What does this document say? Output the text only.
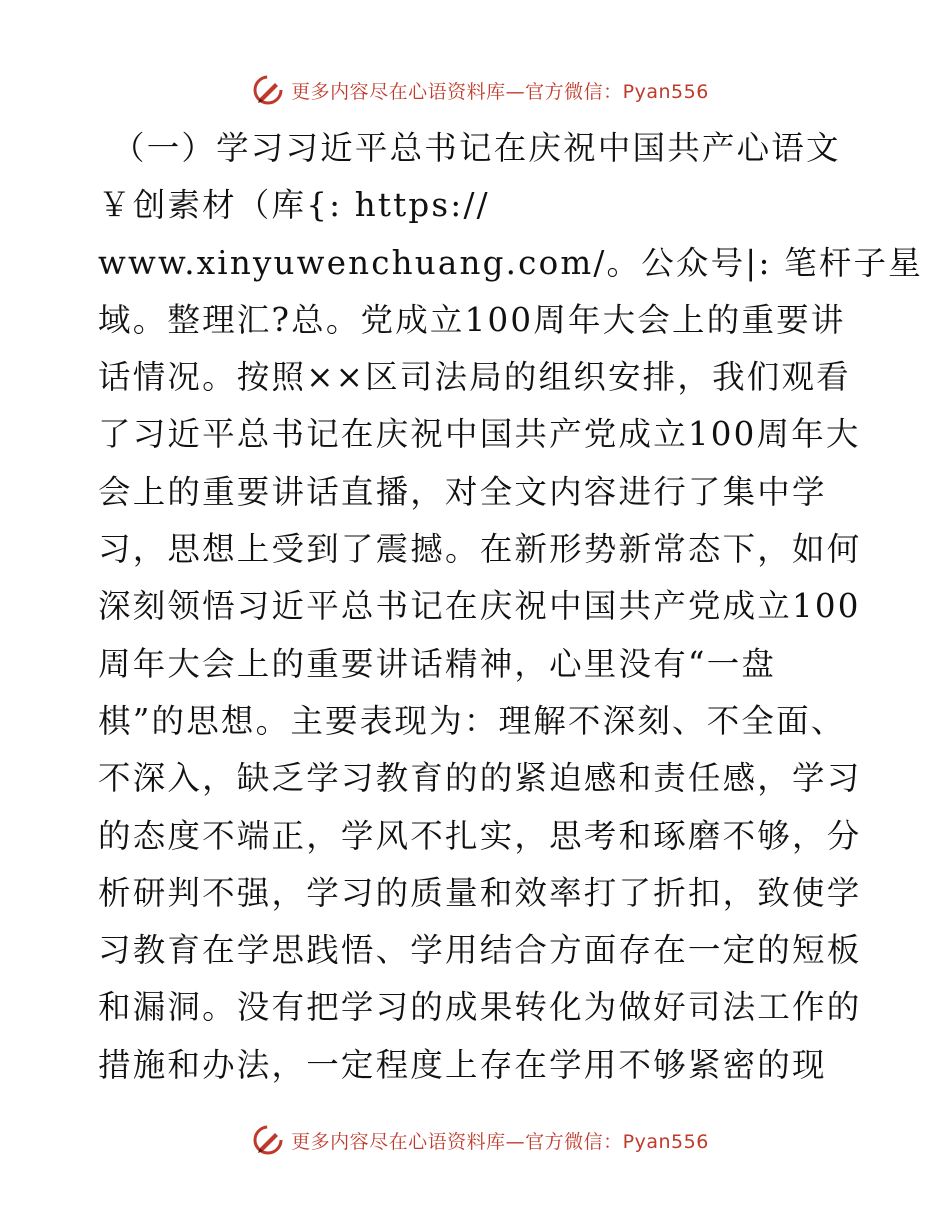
更多内容尽在心语资料库—官方微信：Pyan556
（一）学习习近平总书记在庆祝中国共产心语文
￥创素材（库{: https://
www.xinyuwenchuang.com/。公众号|: 笔杆子星
域。整理汇?总。党成立100周年大会上的重要讲
话情况。按照××区司法局的组织安排，我们观看
了习近平总书记在庆祝中国共产党成立100周年大
会上的重要讲话直播，对全文内容进行了集中学
习，思想上受到了震撼。在新形势新常态下，如何
深刻领悟习近平总书记在庆祝中国共产党成立100
周年大会上的重要讲话精神，心里没有“一盘
棋”的思想。主要表现为：理解不深刻、不全面、
不深入，缺乏学习教育的的紧迫感和责任感，学习
的态度不端正，学风不扎实，思考和琢磨不够，分
析研判不强，学习的质量和效率打了折扣，致使学
习教育在学思践悟、学用结合方面存在一定的短板
和漏洞。没有把学习的成果转化为做好司法工作的
措施和办法，一定程度上存在学用不够紧密的现
更多内容尽在心语资料库—官方微信：Pyan556
